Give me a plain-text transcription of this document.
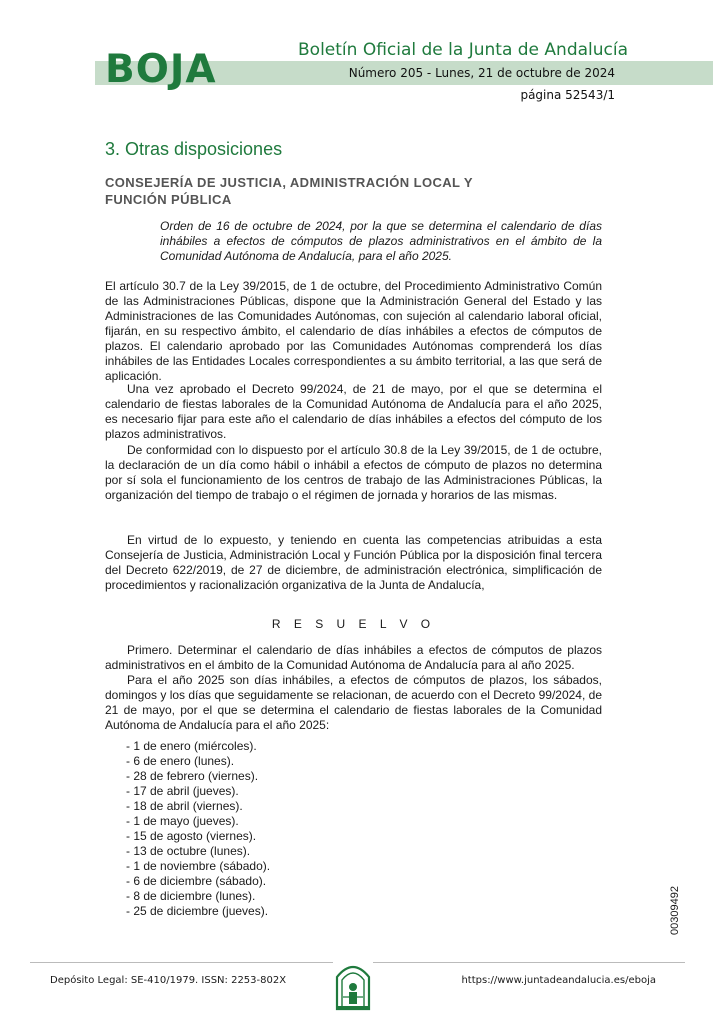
BOJA	Boletín Oficial de la Junta de Andalucía
Número 205 - Lunes, 21 de octubre de 2024
página 52543/1
3. Otras disposiciones
CONSEJERÍA DE JUSTICIA, ADMINISTRACIÓN LOCAL Y FUNCIÓN PÚBLICA
Orden de 16 de octubre de 2024, por la que se determina el calendario de días inhábiles a efectos de cómputos de plazos administrativos en el ámbito de la Comunidad Autónoma de Andalucía, para el año 2025.
El artículo 30.7 de la Ley 39/2015, de 1 de octubre, del Procedimiento Administrativo Común de las Administraciones Públicas, dispone que la Administración General del Estado y las Administraciones de las Comunidades Autónomas, con sujeción al calendario laboral oficial, fijarán, en su respectivo ámbito, el calendario de días inhábiles a efectos de cómputos de plazos. El calendario aprobado por las Comunidades Autónomas comprenderá los días inhábiles de las Entidades Locales correspondientes a su ámbito territorial, a las que será de aplicación.
Una vez aprobado el Decreto 99/2024, de 21 de mayo, por el que se determina el calendario de fiestas laborales de la Comunidad Autónoma de Andalucía para el año 2025, es necesario fijar para este año el calendario de días inhábiles a efectos del cómputo de los plazos administrativos.
De conformidad con lo dispuesto por el artículo 30.8 de la Ley 39/2015, de 1 de octubre, la declaración de un día como hábil o inhábil a efectos de cómputo de plazos no determina por sí sola el funcionamiento de los centros de trabajo de las Administraciones Públicas, la organización del tiempo de trabajo o el régimen de jornada y horarios de las mismas.
En virtud de lo expuesto, y teniendo en cuenta las competencias atribuidas a esta Consejería de Justicia, Administración Local y Función Pública por la disposición final tercera del Decreto 622/2019, de 27 de diciembre, de administración electrónica, simplificación de procedimientos y racionalización organizativa de la Junta de Andalucía,
R E S U E L V O
Primero. Determinar el calendario de días inhábiles a efectos de cómputos de plazos administrativos en el ámbito de la Comunidad Autónoma de Andalucía para al año 2025.
Para el año 2025 son días inhábiles, a efectos de cómputos de plazos, los sábados, domingos y los días que seguidamente se relacionan, de acuerdo con el Decreto 99/2024, de 21 de mayo, por el que se determina el calendario de fiestas laborales de la Comunidad Autónoma de Andalucía para el año 2025:
- 1 de enero (miércoles).
- 6 de enero (lunes).
- 28 de febrero (viernes).
- 17 de abril (jueves).
- 18 de abril (viernes).
- 1 de mayo (jueves).
- 15 de agosto (viernes).
- 13 de octubre (lunes).
- 1 de noviembre (sábado).
- 6 de diciembre (sábado).
- 8 de diciembre (lunes).
- 25 de diciembre (jueves).	00309492
Depósito Legal: SE-410/1979. ISSN: 2253-802X	https://www.juntadeandalucia.es/eboja
